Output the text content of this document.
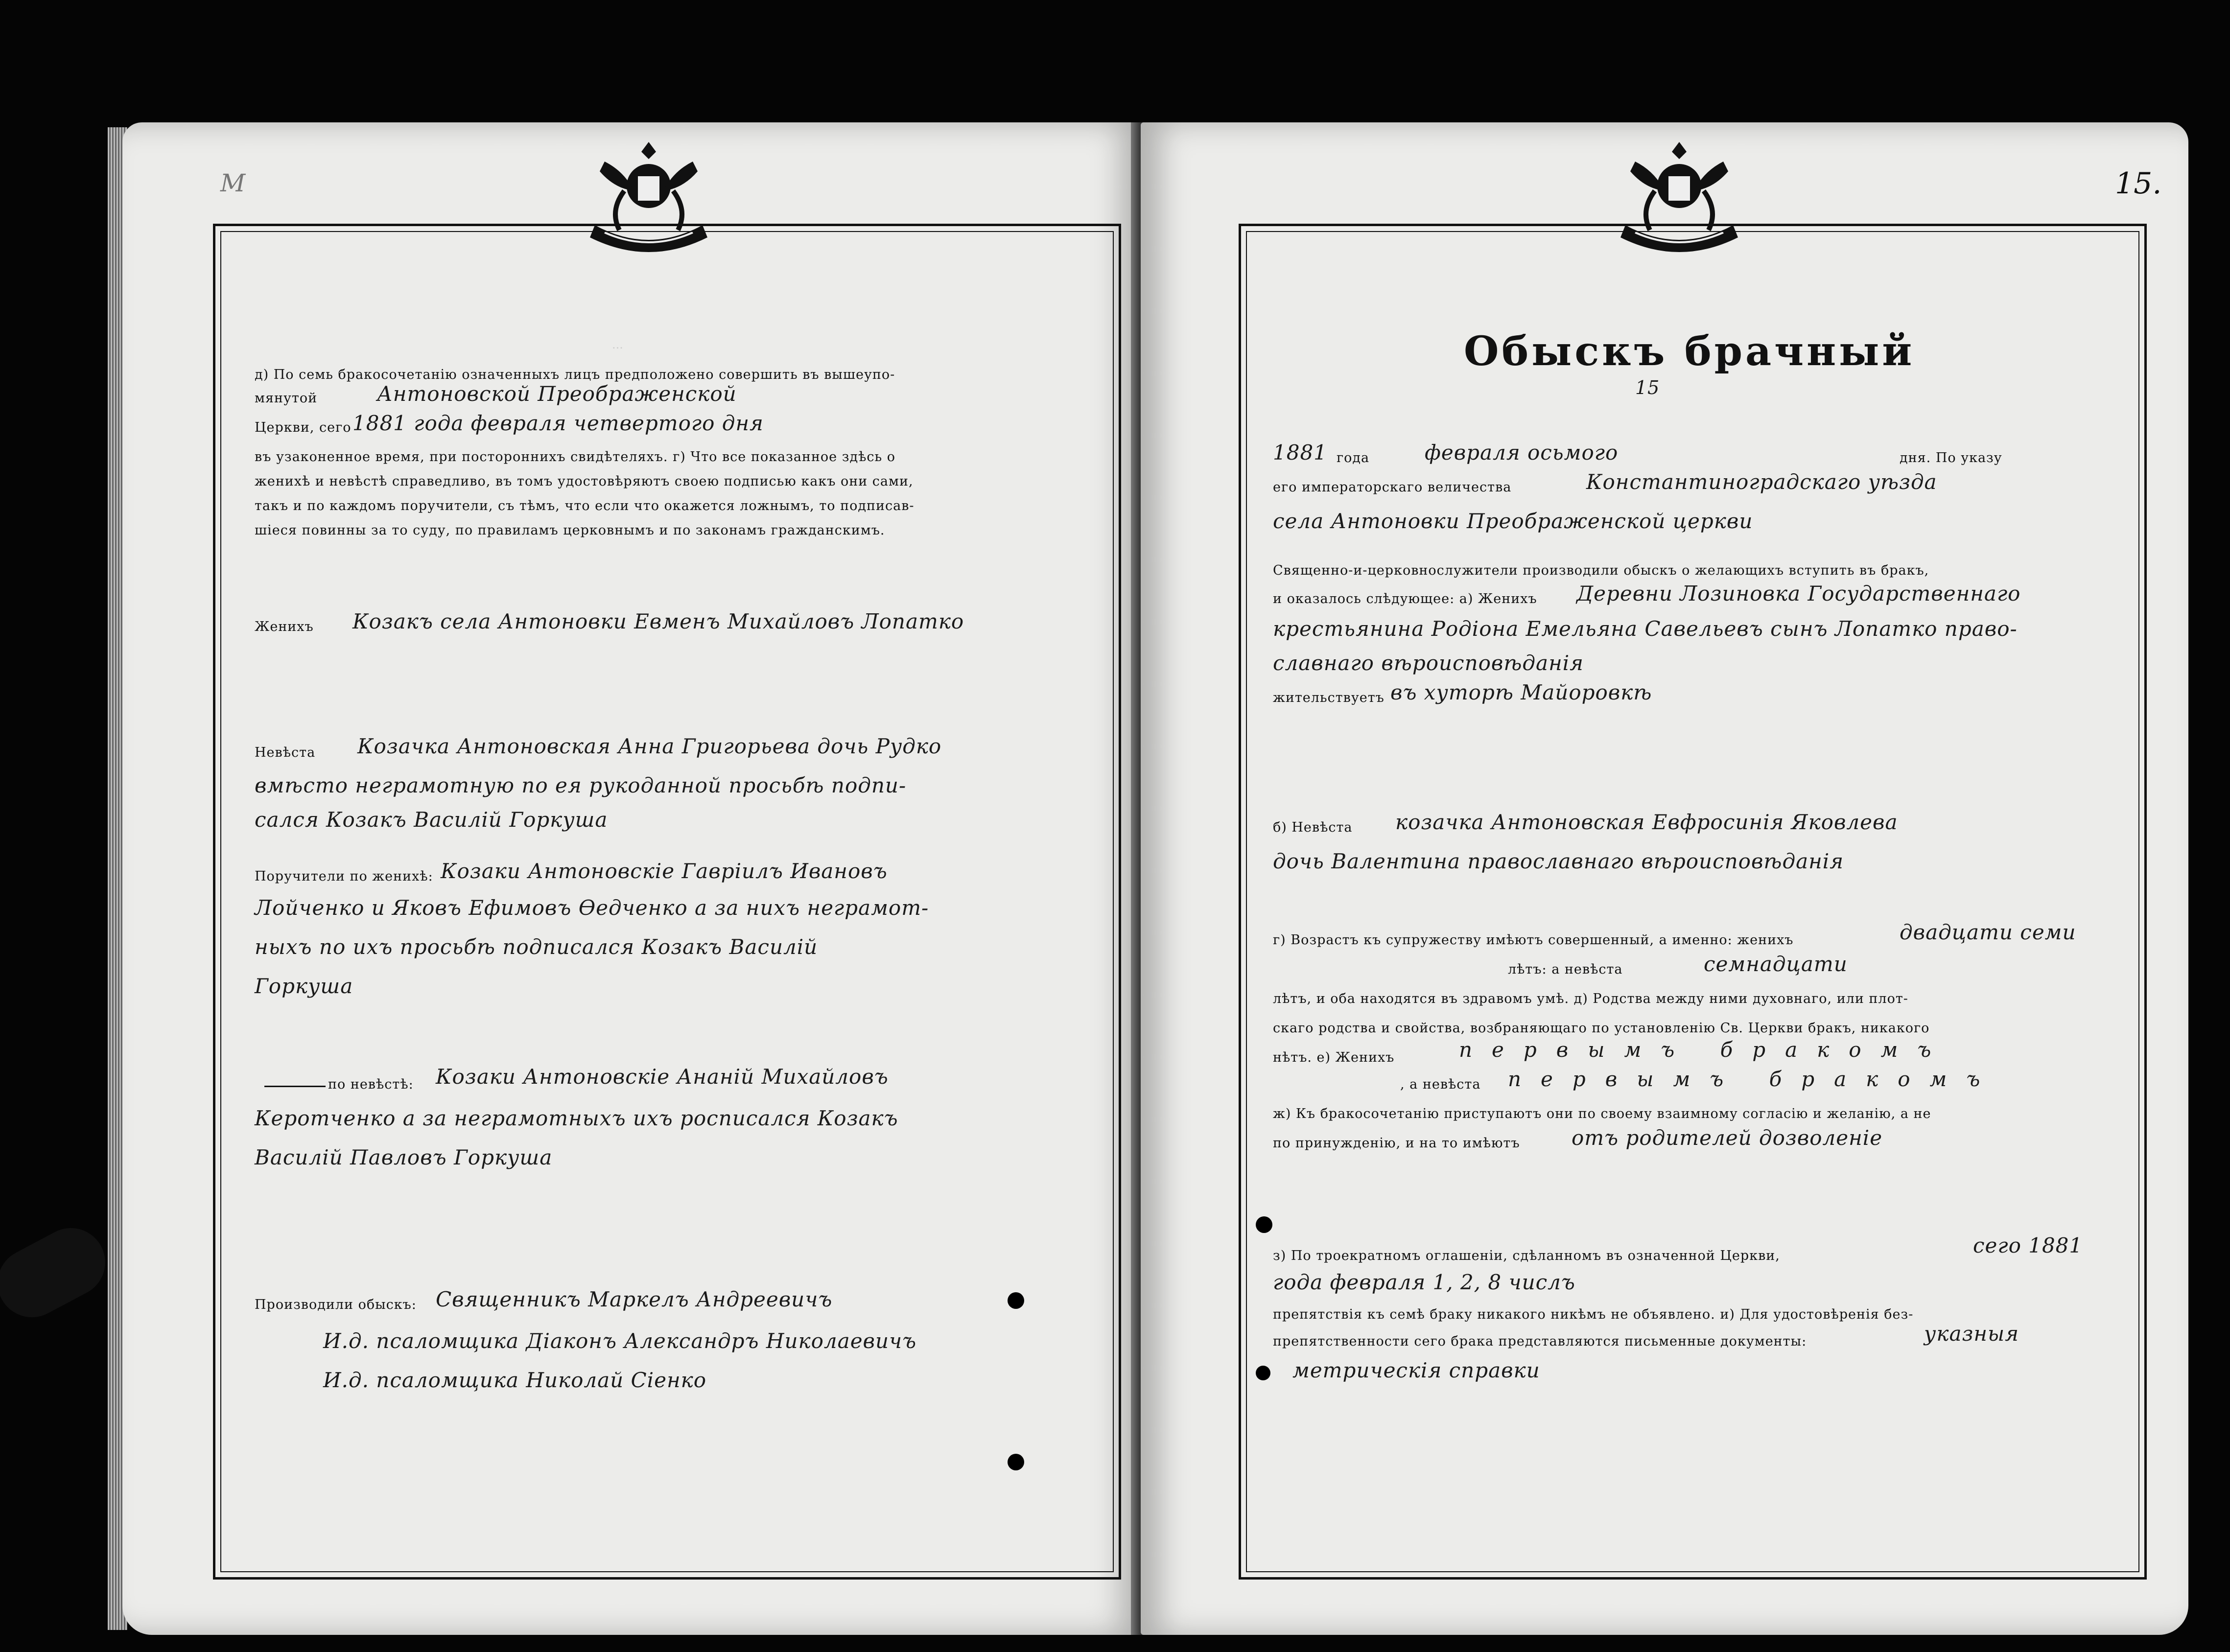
М
...
д) По семь бракосочетанію означенныхъ лицъ предположено совершить въ вышеупо-
мянутой	Антоновской Преображенской
Церкви, сего 1881 года февраля четвертого дня
въ узаконенное время, при постороннихъ свидѣтеляхъ. г) Что все показанное здѣсь о
женихѣ и невѣстѣ справедливо, въ томъ удостовѣряютъ своею подписью какъ они сами,
такъ и по каждомъ поручители, съ тѣмъ, что если что окажется ложнымъ, то подписав-
шіеся повинны за то суду, по правиламъ церковнымъ и по законамъ гражданскимъ.
Женихъ Козакъ села Антоновки Евменъ Михайловъ Лопатко
Невѣста Козачка Антоновская Анна Григорьева дочь Рудко
вмѣсто неграмотную по ея рукоданной просьбѣ подпи-
сался Козакъ Василій Горкуша
Поручители по женихѣ: Козаки Антоновскіе Гавріилъ Ивановъ
Лойченко и Яковъ Ефимовъ Ѳедченко а за нихъ неграмот-
ныхъ по ихъ просьбѣ подписался Козакъ Василій
Горкуша
по невѣстѣ: Козаки Антоновскіе Ананій Михайловъ
Керотченко а за неграмотныхъ ихъ росписался Козакъ
Василій Павловъ Горкуша
Производили обыскъ: Священникъ Маркелъ Андреевичъ
И.д. псаломщика Діаконъ Александръ Николаевичъ
И.д. псаломщика Николай Сіенко
15.
Обыскъ брачный
15
1881 года	февраля осьмого	дня. По указу
его императорскаго величества	Константиноградскаго уѣзда
села Антоновки Преображенской церкви
Священно-и-церковнослужители производили обыскъ о желающихъ вступить въ бракъ,
и оказалось слѣдующее: а) Женихъ Деревни Лозиновка Государственнаго
крестьянина Родіона Емельяна Савельевъ сынъ Лопатко право-
славнаго вѣроисповѣданія
жительствуетъ въ хуторѣ Майоровкѣ
б) Невѣста козачка Антоновская Евфросинія Яковлева
дочь Валентина православнаго вѣроисповѣданія
г) Возрастъ къ супружеству имѣютъ совершенный, а именно: женихъ	двадцати семи
лѣтъ: а невѣста	семнадцати
лѣтъ, и оба находятся въ здравомъ умѣ. д) Родства между ними духовнаго, или плот-
скаго родства и свойства, возбраняющаго по установленію Св. Церкви бракъ, никакого
нѣтъ. е) Женихъ	первымъ бракомъ
, а невѣста первымъ бракомъ
ж) Къ бракосочетанію приступаютъ они по своему взаимному согласію и желанію, а не
по принужденію, и на то имѣютъ	отъ родителей дозволеніе
з) По троекратномъ оглашеніи, сдѣланномъ въ означенной Церкви,	сего 1881
года февраля 1, 2, 8 числъ
препятствія къ семѣ браку никакого никѣмъ не объявлено. и) Для удостовѣренія без-
препятственности сего брака представляются письменные документы:	указныя
метрическія справки
